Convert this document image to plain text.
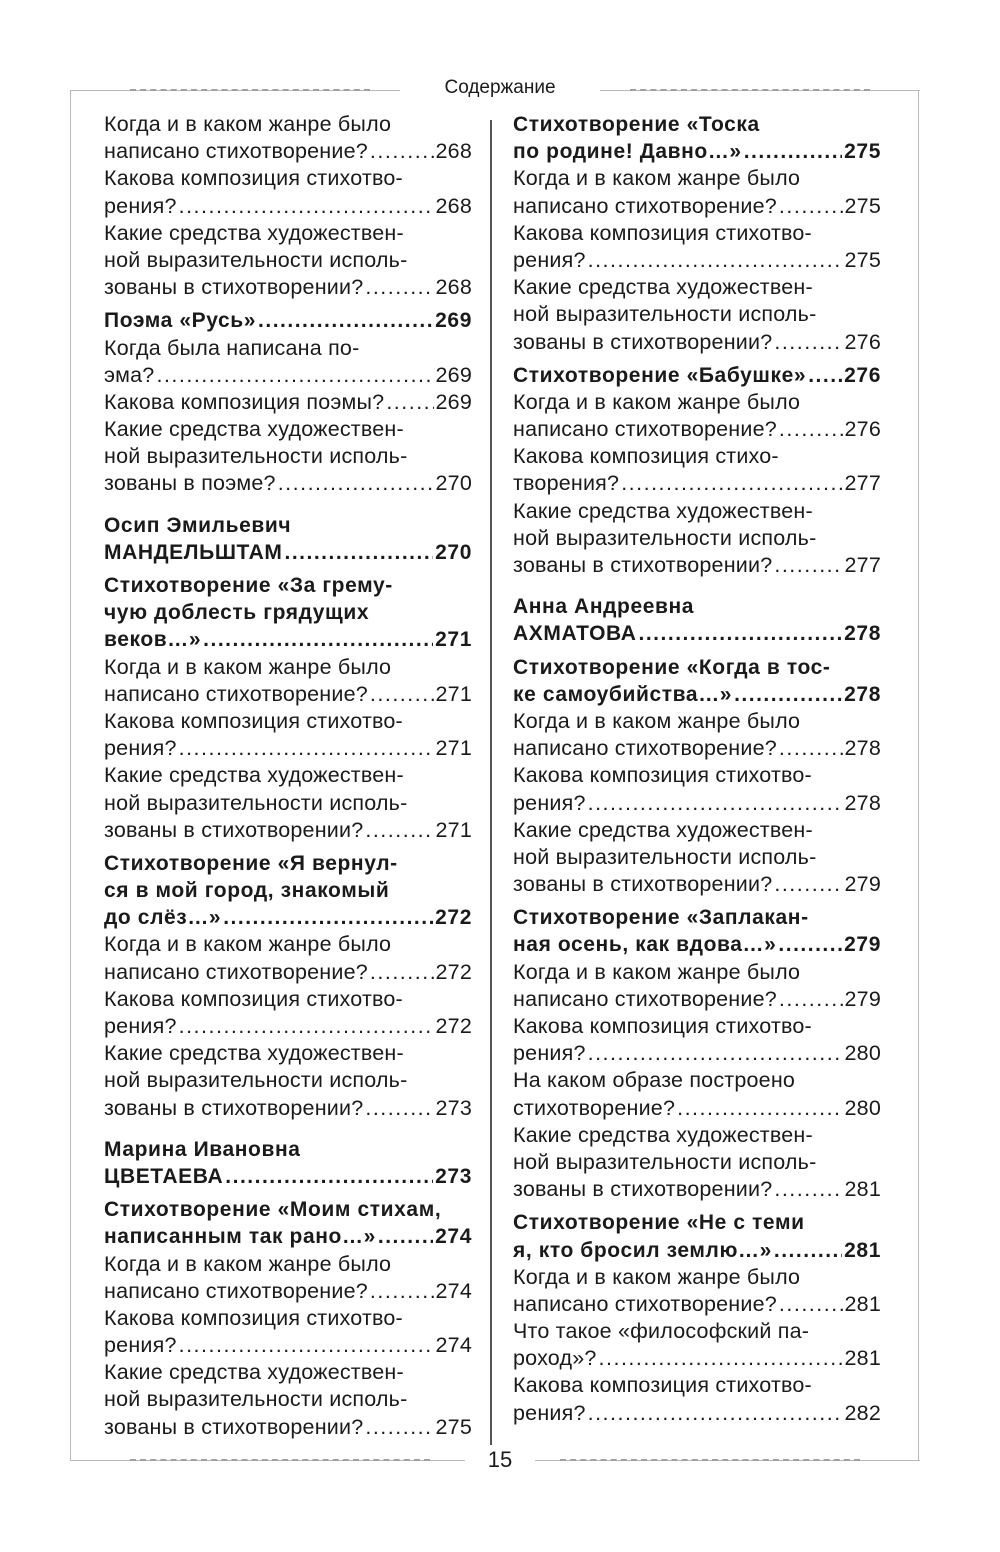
Содержание
Когда и в каком жанре было
написано стихотворение? .....	268
Какова композиция стихотво-
рения? .....	268
Какие средства художествен-
ной выразительности исполь-
зованы в стихотворении? .....	268
Поэма «Русь» .....	269
Когда была написана по-
эма? .....	269
Какова композиция поэмы? ..... 269
Какие средства художествен-
ной выразительности исполь-
зованы в поэме? .....	270
Осип Эмильевич
МАНДЕЛЬШТАМ .....	270
Стихотворение «За грему-
чую доблесть грядущих
веков…» .....	271
Когда и в каком жанре было
написано стихотворение? .....	271
Какова композиция стихотво-
рения? .....	271
Какие средства художествен-
ной выразительности исполь-
зованы в стихотворении? .....	271
Стихотворение «Я вернул-
ся в мой город, знакомый
до слёз…» .....	272
Когда и в каком жанре было
написано стихотворение? .....	272
Какова композиция стихотво-
рения? .....	272
Какие средства художествен-
ной выразительности исполь-
зованы в стихотворении? .....	273
Марина Ивановна
ЦВЕТАЕВА .....	273
Стихотворение «Моим стихам,
написанным так рано…» .....	274
Когда и в каком жанре было
написано стихотворение? .....	274
Какова композиция стихотво-
рения? .....	274
Какие средства художествен-
ной выразительности исполь-
зованы в стихотворении? .....	275
Стихотворение «Тоска
по родине! Давно…» .....	275
Когда и в каком жанре было
написано стихотворение? .....	275
Какова композиция стихотво-
рения? .....	275
Какие средства художествен-
ной выразительности исполь-
зованы в стихотворении? .....	276
Стихотворение «Бабушке» ..... 276
Когда и в каком жанре было
написано стихотворение? .....	276
Какова композиция стихо-
творения? .....	277
Какие средства художествен-
ной выразительности исполь-
зованы в стихотворении? .....	277
Анна Андреевна
АХМАТОВА .....	278
Стихотворение «Когда в тос-
ке самоубийства…» .....	278
Когда и в каком жанре было
написано стихотворение? .....	278
Какова композиция стихотво-
рения? .....	278
Какие средства художествен-
ной выразительности исполь-
зованы в стихотворении? .....	279
Стихотворение «Заплакан-
ная осень, как вдова…» .....	279
Когда и в каком жанре было
написано стихотворение? .....	279
Какова композиция стихотво-
рения? .....	280
На каком образе построено
стихотворение? .....	280
Какие средства художествен-
ной выразительности исполь-
зованы в стихотворении? .....	281
Стихотворение «Не с теми
я, кто бросил землю…» .....	281
Когда и в каком жанре было
написано стихотворение? .....	281
Что такое «философский па-
роход»? .....	281
Какова композиция стихотво-
рения? .....	282
15
